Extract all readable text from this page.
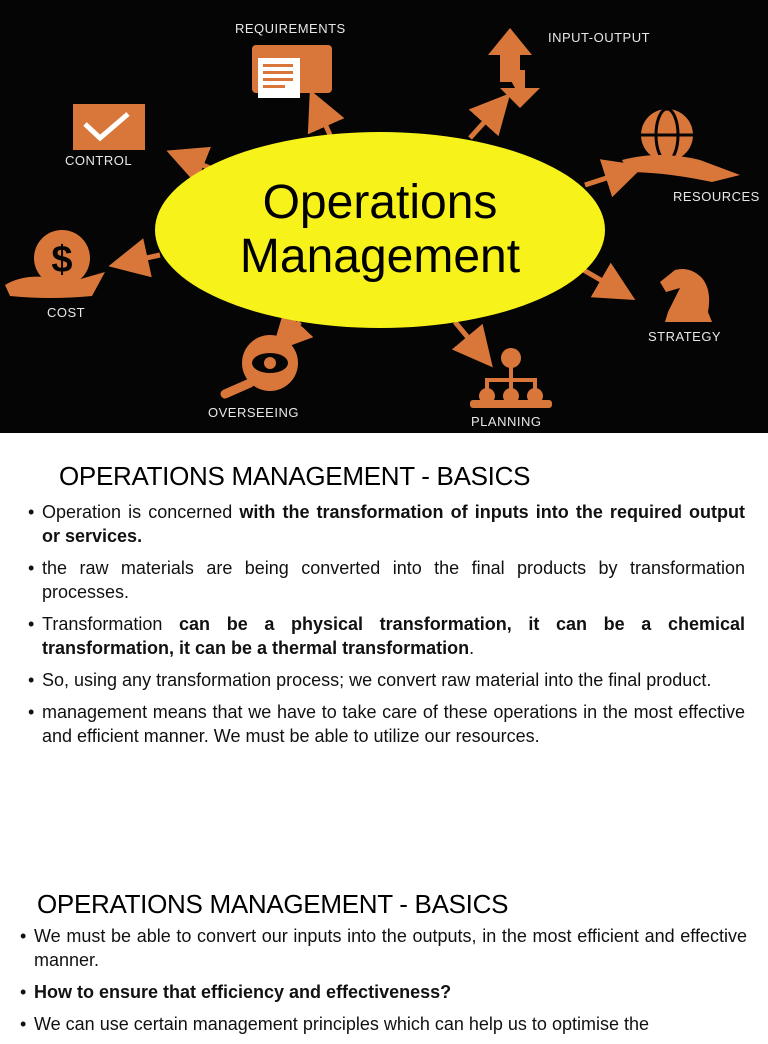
$
Operations
Management
REQUIREMENTS
INPUT-OUTPUT
CONTROL
RESOURCES
COST
STRATEGY
OVERSEEING
PLANNING
OPERATIONS MANAGEMENT - BASICS
• Operation is concerned with the transformation of inputs into the required output or services.
• the raw materials are being converted into the final products by transformation processes.
• Transformation can be a physical transformation, it can be a chemical transformation, it can be a thermal transformation.
• So, using any transformation process; we convert raw material into the final product.
• management means that we have to take care of these operations in the most effective and efficient manner. We must be able to utilize our resources.
OPERATIONS MANAGEMENT - BASICS
• We must be able to convert our inputs into the outputs, in the most efficient and effective manner.
• How to ensure that efficiency and effectiveness?
• We can use certain management principles which can help us to optimise the
